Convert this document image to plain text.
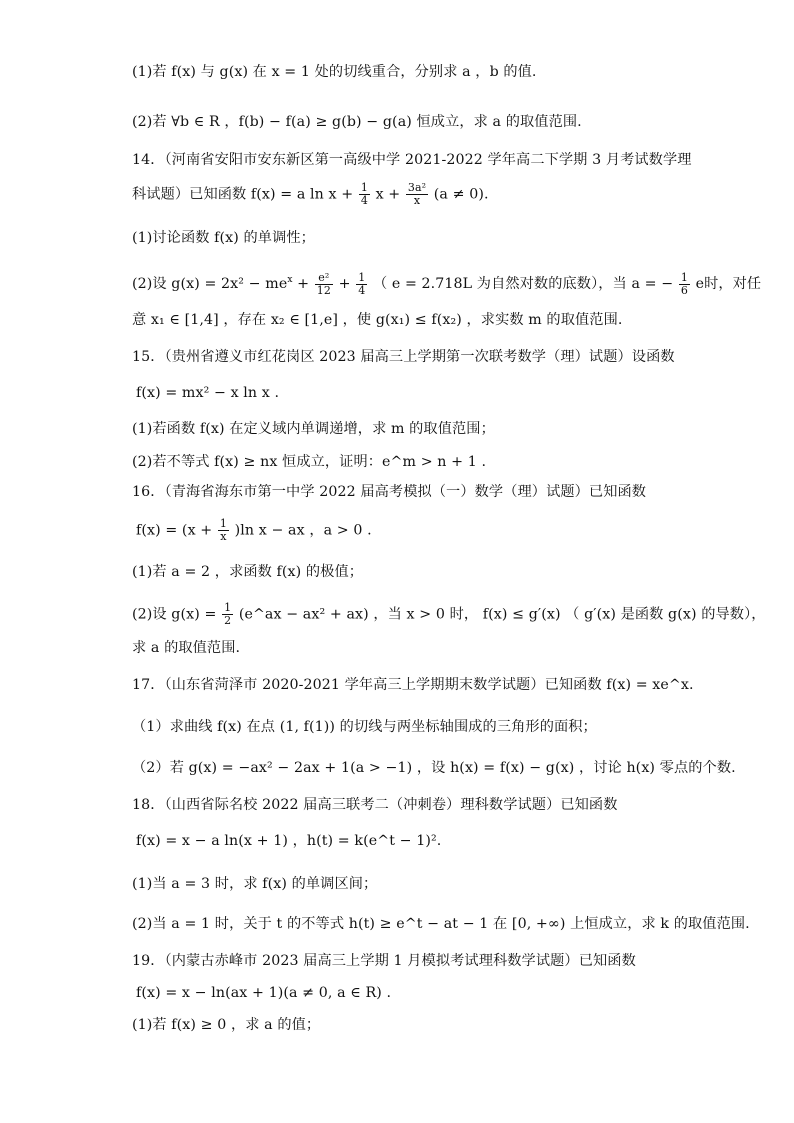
(1)若 f(x) 与 g(x) 在 x = 1 处的切线重合，分别求 a ，b 的值.
(2)若 ∀b ∈ R ，f(b) − f(a) ≥ g(b) − g(a) 恒成立，求 a 的取值范围.
14．（河南省安阳市安东新区第一高级中学 2021-2022 学年高二下学期 3 月考试数学理
科试题）已知函数 f(x) = a $\ln x + \frac{1}{4}$ $x + \frac{\text{3a²}}{x} (a \ne 0)$.
(1)讨论函数 f(x) 的单调性；
(2)设 $g(x) = 2x^2 - me^x + \frac{\text{e²}}{12} + \frac{1}{4}$ （ e = 2.718L 为自然对数的底数），当 a = − $\frac{1}{6}$ e时，对任
意 x₁ ∈ [1,4] ，存在 x₂ ∈ [1,e] ，使 g(x₁) ≤ f(x₂) ，求实数 m 的取值范围.
15．（贵州省遵义市红花岗区 2023 届高三上学期第一次联考数学（理）试题）设函数
f(x) = mx² − x ln x .
(1)若函数 f(x) 在定义域内单调递增，求 m 的取值范围；
(2)若不等式 f(x) ≥ nx 恒成立，证明：e^m > n + 1 .
16．（青海省海东市第一中学 2022 届高考模拟（一）数学（理）试题）已知函数
$f(x) = (x + \frac{1}{x} )\ln$ x − ax ，a > 0 .
(1)若 a = 2 ，求函数 f(x) 的极值；
(2)设 $g(x) = \frac{1}{2}$ (e^ax − ax² + ax) ，当 x > 0 时， f(x) ≤ g′(x) （ g′(x) 是函数 g(x) 的导数），
求 a 的取值范围.
17．（山东省菏泽市 2020-2021 学年高三上学期期末数学试题）已知函数 f(x) = xe^x.
（1）求曲线 f(x) 在点 (1, f(1)) 的切线与两坐标轴围成的三角形的面积；
（2）若 g(x) = −ax² − 2ax + 1(a > −1) ，设 h(x) = f(x) − g(x) ，讨论 h(x) 零点的个数.
18．（山西省际名校 2022 届高三联考二（冲刺卷）理科数学试题）已知函数
f(x) = x − a ln(x + 1) ，h(t) = k(e^t − 1)².
(1)当 a = 3 时，求 f(x) 的单调区间；
(2)当 a = 1 时，关于 t 的不等式 h(t) ≥ e^t − at − 1 在 [0, +∞) 上恒成立，求 k 的取值范围.
19．（内蒙古赤峰市 2023 届高三上学期 1 月模拟考试理科数学试题）已知函数
f(x) = x − ln(ax + 1)(a ≠ 0, a ∈ R) .
(1)若 f(x) ≥ 0 ，求 a 的值；
